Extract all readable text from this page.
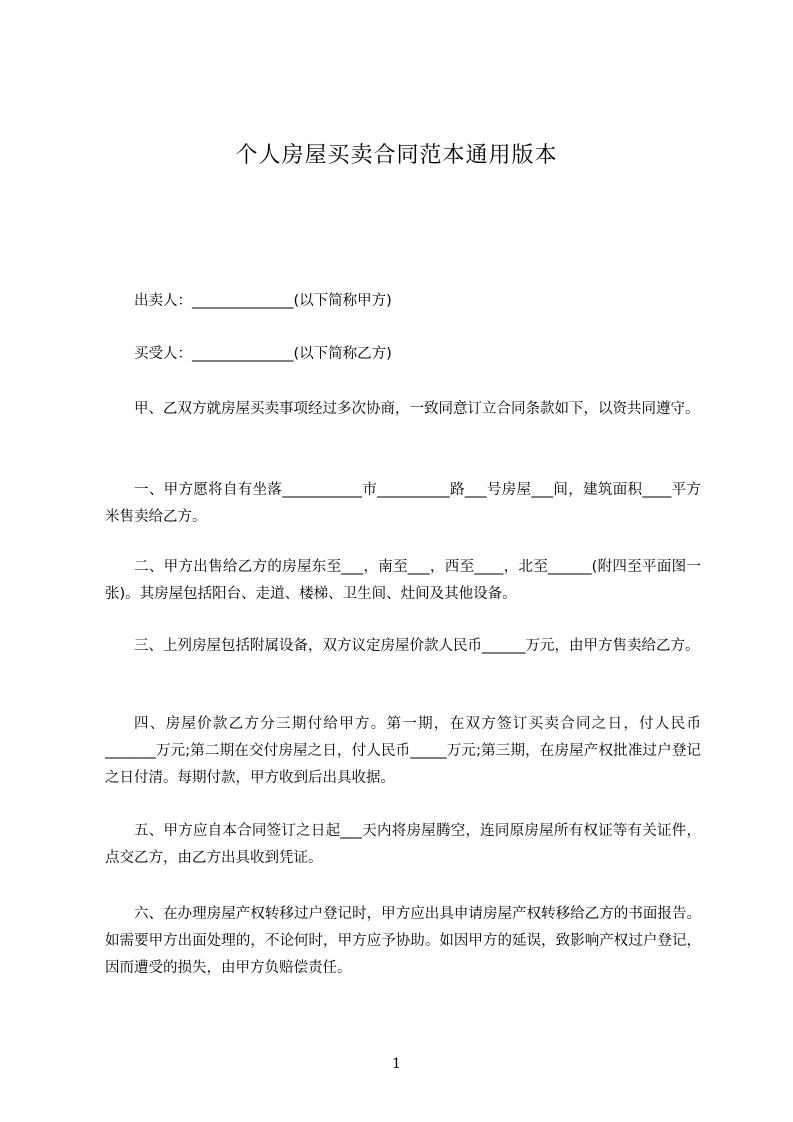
个人房屋买卖合同范本通用版本

出卖人：______________(以下简称甲方)

买受人：______________(以下简称乙方)

甲、乙双方就房屋买卖事项经过多次协商，一致同意订立合同条款如下，以资共同遵守。

一、甲方愿将自有坐落___________市__________路___号房屋___间，建筑面积____平方米售卖给乙方。

二、甲方出售给乙方的房屋东至___，南至___，西至____，北至______(附四至平面图一张)。其房屋包括阳台、走道、楼梯、卫生间、灶间及其他设备。

三、上列房屋包括附属设备，双方议定房屋价款人民币______万元，由甲方售卖给乙方。

四、房屋价款乙方分三期付给甲方。第一期，在双方签订买卖合同之日，付人民币_______万元;第二期在交付房屋之日，付人民币_____万元;第三期，在房屋产权批准过户登记之日付清。每期付款，甲方收到后出具收据。

五、甲方应自本合同签订之日起___天内将房屋腾空，连同原房屋所有权证等有关证件，点交乙方，由乙方出具收到凭证。

六、在办理房屋产权转移过户登记时，甲方应出具申请房屋产权转移给乙方的书面报告。如需要甲方出面处理的，不论何时，甲方应予协助。如因甲方的延误，致影响产权过户登记，因而遭受的损失，由甲方负赔偿责任。

1
